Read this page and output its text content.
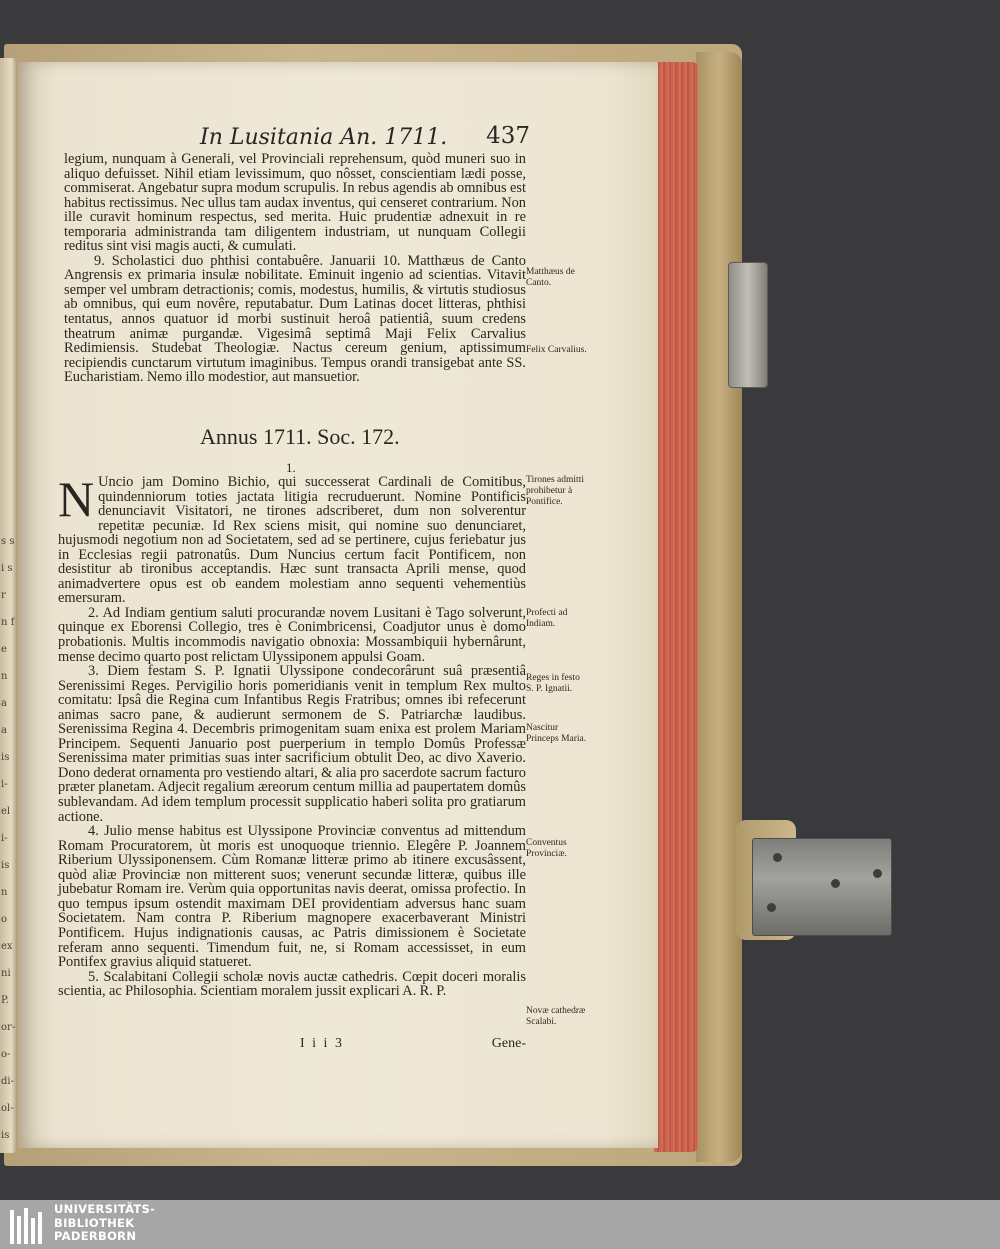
s s i s r n f e n a a is i- el i- is n o ex ni P. or- o- di- ol- is
In Lusitania An. 1711. 437

legium, nunquam à Generali, vel Provinciali reprehensum, quòd muneri suo in aliquo defuisset. Nihil etiam levissimum, quo nôsset, conscientiam lædi posse, commiserat. Angebatur supra modum scrupulis. In rebus agendis ab omnibus est habitus rectissimus. Nec ullus tam audax inventus, qui censeret contrarium. Non ille curavit hominum respectus, sed merita. Huic prudentiæ adnexuit in re temporaria administranda tam diligentem industriam, ut nunquam Collegii reditus sint visi magis aucti, & cumulati.

9. Scholastici duo phthisi contabuêre. Januarii 10. Matthæus de Canto Angrensis ex primaria insulæ nobilitate. Eminuit ingenio ad scientias. Vitavit semper vel umbram detractionis; comis, modestus, humilis, & virtutis studiosus ab omnibus, qui eum novêre, reputabatur. Dum Latinas docet litteras, phthisi tentatus, annos quatuor id morbi sustinuit heroâ patientiâ, suum credens theatrum animæ purgandæ. Vigesimâ septimâ Maji Felix Carvalius Redimiensis. Studebat Theologiæ. Nactus cereum genium, aptissimum recipiendis cunctarum virtutum imaginibus. Tempus orandi transigebat ante SS. Eucharistiam. Nemo illo modestior, aut mansuetior.

Annus 1711. Soc. 172.
1.

N Uncio jam Domino Bichio, qui successerat Cardinali de Comitibus, quindenniorum toties jactata litigia recruduerunt. Nomine Pontificis denunciavit Visitatori, ne tirones adscriberet, dum non solverentur repetitæ pecuniæ. Id Rex sciens misit, qui nomine suo denunciaret, hujusmodi negotium non ad Societatem, sed ad se pertinere, cujus feriebatur jus in Ecclesias regii patronatûs. Dum Nuncius certum facit Pontificem, non desistitur ab tironibus acceptandis. Hæc sunt transacta Aprili mense, quod animadvertere opus est ob eandem molestiam anno sequenti vehementiùs emersuram.

2. Ad Indiam gentium saluti procurandæ novem Lusitani è Tago solverunt, quinque ex Eborensi Collegio, tres è Conimbricensi, Coadjutor unus è domo probationis. Multis incommodis navigatio obnoxia: Mossambiquii hybernârunt, mense decimo quarto post relictam Ulyssiponem appulsi Goam.

3. Diem festam S. P. Ignatii Ulyssipone condecorârunt suâ præsentiâ Serenissimi Reges. Pervigilio horis pomeridianis venit in templum Rex multo comitatu: Ipsâ die Regina cum Infantibus Regis Fratribus; omnes ibi refecerunt animas sacro pane, & audierunt sermonem de S. Patriarchæ laudibus. Serenissima Regina 4. Decembris primogenitam suam enixa est prolem Mariam Principem. Sequenti Januario post puerperium in templo Domûs Professæ Serenissima mater primitias suas inter sacrificium obtulit Deo, ac divo Xaverio. Dono dederat ornamenta pro vestiendo altari, & alia pro sacerdote sacrum facturo præter planetam. Adjecit regalium æreorum centum millia ad paupertatem domûs sublevandam. Ad idem templum processit supplicatio haberi solita pro gratiarum actione.

4. Julio mense habitus est Ulyssipone Provinciæ conventus ad mittendum Romam Procuratorem, ùt moris est unoquoque triennio. Elegêre P. Joannem Riberium Ulyssiponensem. Cùm Romanæ litteræ primo ab itinere excusâssent, quòd aliæ Provinciæ non mitterent suos; venerunt secundæ litteræ, quibus ille jubebatur Romam ire. Verùm quia opportunitas navis deerat, omissa profectio. In quo tempus ipsum ostendit maximam DEI providentiam adversus hanc suam Societatem. Nam contra P. Riberium magnopere exacerbaverant Ministri Pontificem. Hujus indignationis causas, ac Patris dimissionem è Societate referam anno sequenti. Timendum fuit, ne, si Romam accessisset, in eum Pontifex gravius aliquid statueret.

5. Scalabitani Collegii scholæ novis auctæ cathedris. Cœpit doceri moralis scientia, ac Philosophia. Scientiam moralem jussit explicari A. R. P.

Matthæus de Canto.
Felix Carvalius.
Tirones admitti prohibetur à Pontifice.
Profecti ad Indiam.
Reges in festo S. P. Ignatii.
Nascitur Princeps Maria.
Conventus Provinciæ.
Novæ cathedræ Scalabi.
I i i 3	Gene-
UNIVERSITÄTS-
BIBLIOTHEK
PADERBORN
